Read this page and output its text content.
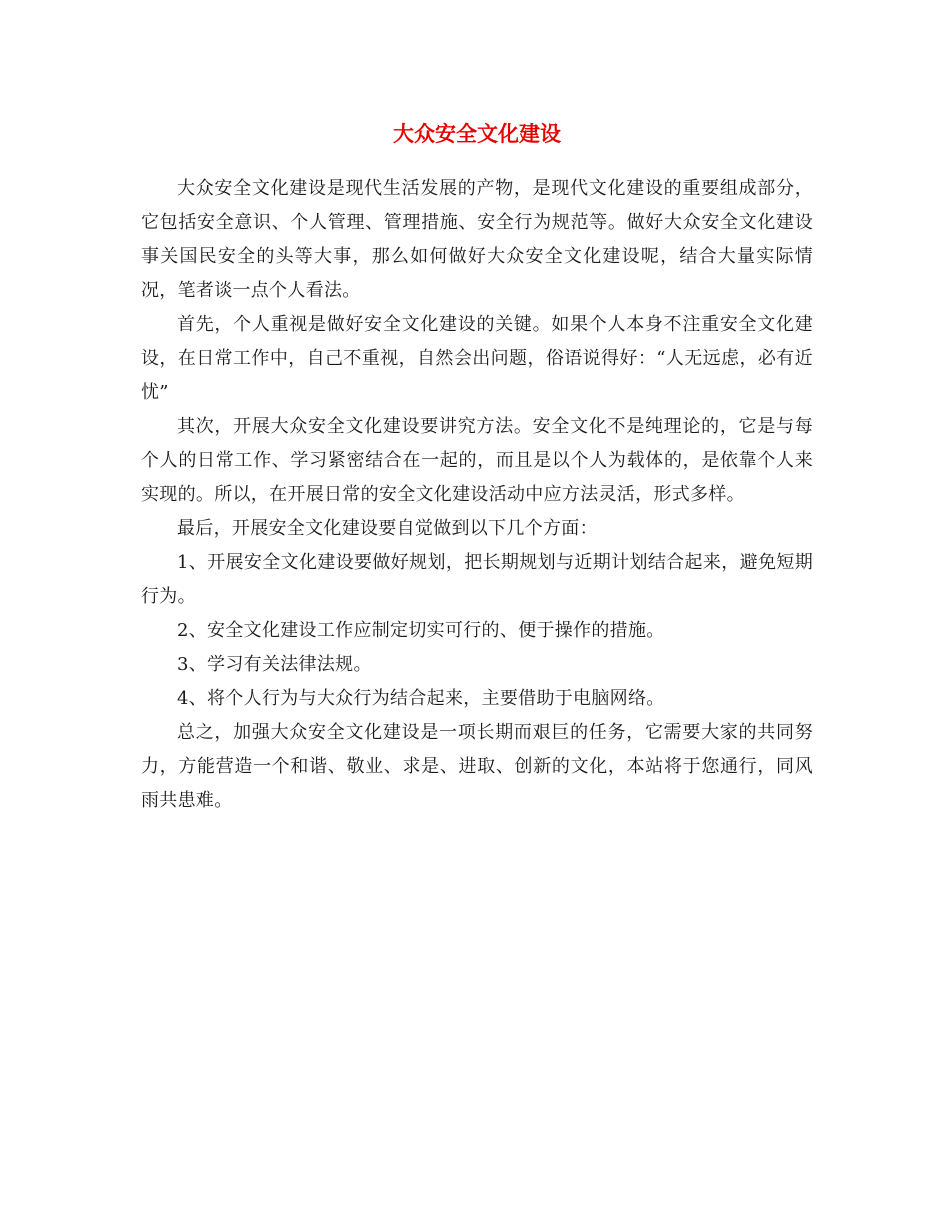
大众安全文化建设

大众安全文化建设是现代生活发展的产物，是现代文化建设的重要组成部分，它包括安全意识、个人管理、管理措施、安全行为规范等。做好大众安全文化建设事关国民安全的头等大事，那么如何做好大众安全文化建设呢，结合大量实际情况，笔者谈一点个人看法。

首先，个人重视是做好安全文化建设的关键。如果个人本身不注重安全文化建设，在日常工作中，自己不重视，自然会出问题，俗语说得好：“人无远虑，必有近忧”

其次，开展大众安全文化建设要讲究方法。安全文化不是纯理论的，它是与每个人的日常工作、学习紧密结合在一起的，而且是以个人为载体的，是依靠个人来实现的。所以，在开展日常的安全文化建设活动中应方法灵活，形式多样。

最后，开展安全文化建设要自觉做到以下几个方面：

1、开展安全文化建设要做好规划，把长期规划与近期计划结合起来，避免短期行为。

2、安全文化建设工作应制定切实可行的、便于操作的措施。

3、学习有关法律法规。

4、将个人行为与大众行为结合起来，主要借助于电脑网络。

总之，加强大众安全文化建设是一项长期而艰巨的任务，它需要大家的共同努力，方能营造一个和谐、敬业、求是、进取、创新的文化，本站将于您通行，同风雨共患难。
